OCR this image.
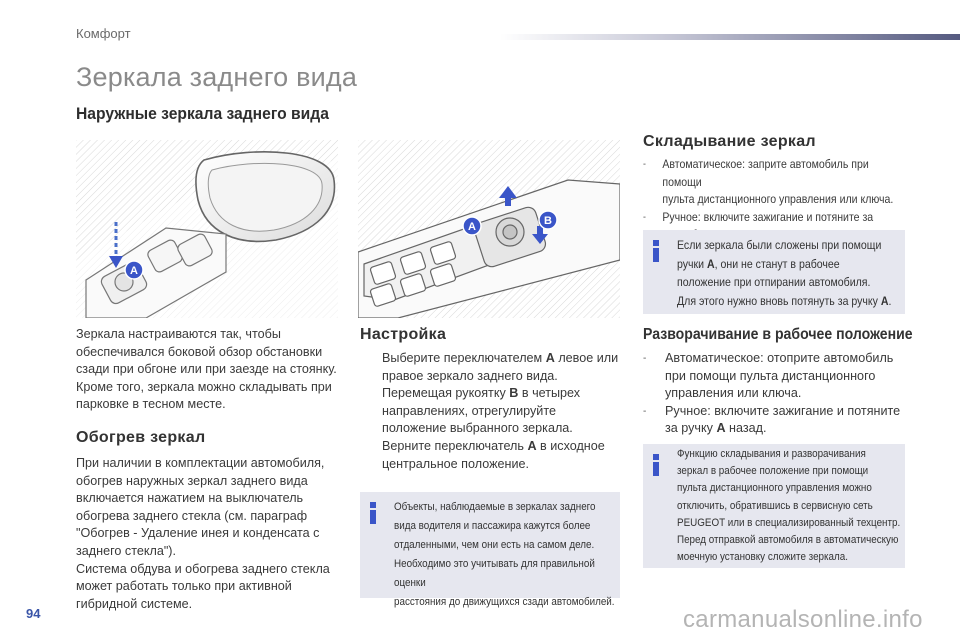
Комфорт
Зеркала заднего вида
Наружные зеркала заднего вида
A
A	B
Зеркала настраиваются так, чтобы
обеспечивался боковой обзор обстановки
сзади при обгоне или при заезде на стоянку.
Кроме того, зеркала можно складывать при
парковке в тесном месте.
Обогрев зеркал
При наличии в комплектации автомобиля,
обогрев наружных зеркал заднего вида
включается нажатием на выключатель
обогрева заднего стекла (см. параграф
"Обогрев - Удаление инея и конденсата с
заднего стекла").
Система обдува и обогрева заднего стекла
может работать только при активной
гибридной системе.
Настройка
Выберите переключателем A левое или
правое зеркало заднего вида.
Перемещая рукоятку B в четырех
направлениях, отрегулируйте
положение выбранного зеркала.
Верните переключатель A в исходное
центральное положение.
Объекты, наблюдаемые в зеркалах заднего
вида водителя и пассажира кажутся более
отдаленными, чем они есть на самом деле.
Необходимо это учитывать для правильной оценки
расстояния до движущихся сзади автомобилей.
Складывание зеркал
- Автоматическое: заприте автомобиль при помощи
пульта дистанционного управления или ключа.
- Ручное: включите зажигание и потяните за
Если зеркала были сложены при помощи
ручки A, они не станут в рабочее
положение при отпирании автомобиля.
Для этого нужно вновь потянуть за ручку A.
Разворачивание в рабочее положение
- Автоматическое: отоприте автомобиль
при помощи пульта дистанционного
управления или ключа.
- Ручное: включите зажигание и потяните
за ручку A назад.
Функцию складывания и разворачивания
зеркал в рабочее положение при помощи
пульта дистанционного управления можно
отключить, обратившись в сервисную сеть
PEUGEOT или в специализированный техцентр.
Перед отправкой автомобиля в автоматическую
моечную установку сложите зеркала.
94	carmanualsonline.info
